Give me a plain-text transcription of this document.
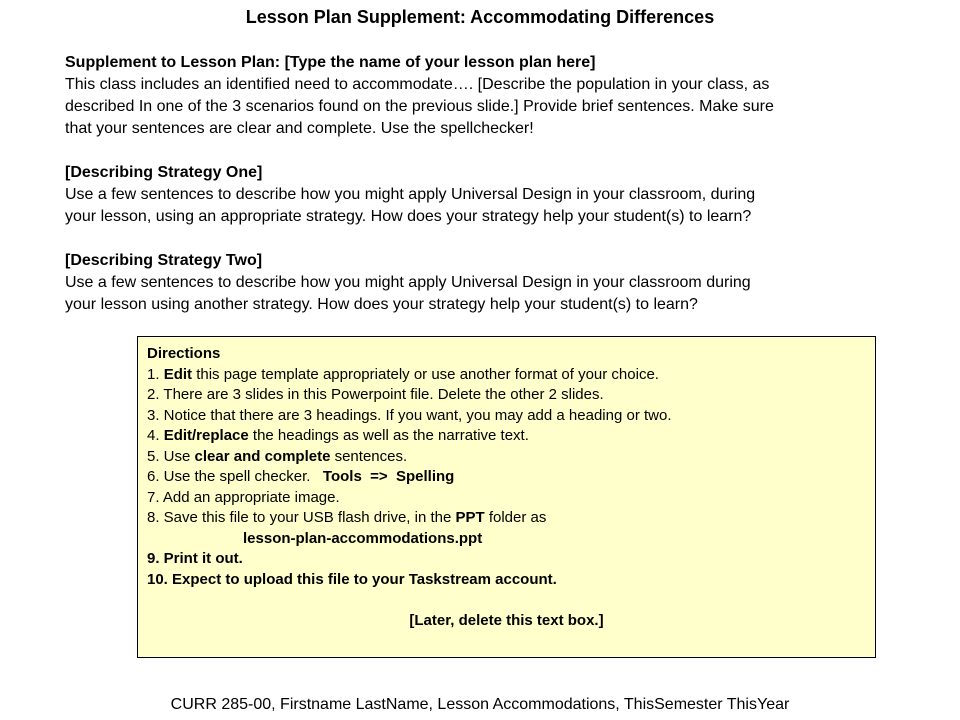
Lesson Plan Supplement: Accommodating Differences

Supplement to Lesson Plan: [Type the name of your lesson plan here]

This class includes an identified need to accommodate…. [Describe the population in your class, as

described In one of the 3 scenarios found on the previous slide.] Provide brief sentences. Make sure

that your sentences are clear and complete. Use the spellchecker!

[Describing Strategy One]

Use a few sentences to describe how you might apply Universal Design in your classroom, during

your lesson, using an appropriate strategy. How does your strategy help your student(s) to learn?

[Describing Strategy Two]

Use a few sentences to describe how you might apply Universal Design in your classroom during

your lesson using another strategy. How does your strategy help your student(s) to learn?

Directions

1. Edit this page template appropriately or use another format of your choice.

2. There are 3 slides in this Powerpoint file. Delete the other 2 slides.

3. Notice that there are 3 headings. If you want, you may add a heading or two.

4. Edit/replace the headings as well as the narrative text.

5. Use clear and complete sentences.

6. Use the spell checker.   Tools  =>  Spelling

7. Add an appropriate image.

8. Save this file to your USB flash drive, in the PPT folder as

lesson-plan-accommodations.ppt

9. Print it out.

10. Expect to upload this file to your Taskstream account.

[Later, delete this text box.]

CURR 285-00, Firstname LastName, Lesson Accommodations, ThisSemester ThisYear
